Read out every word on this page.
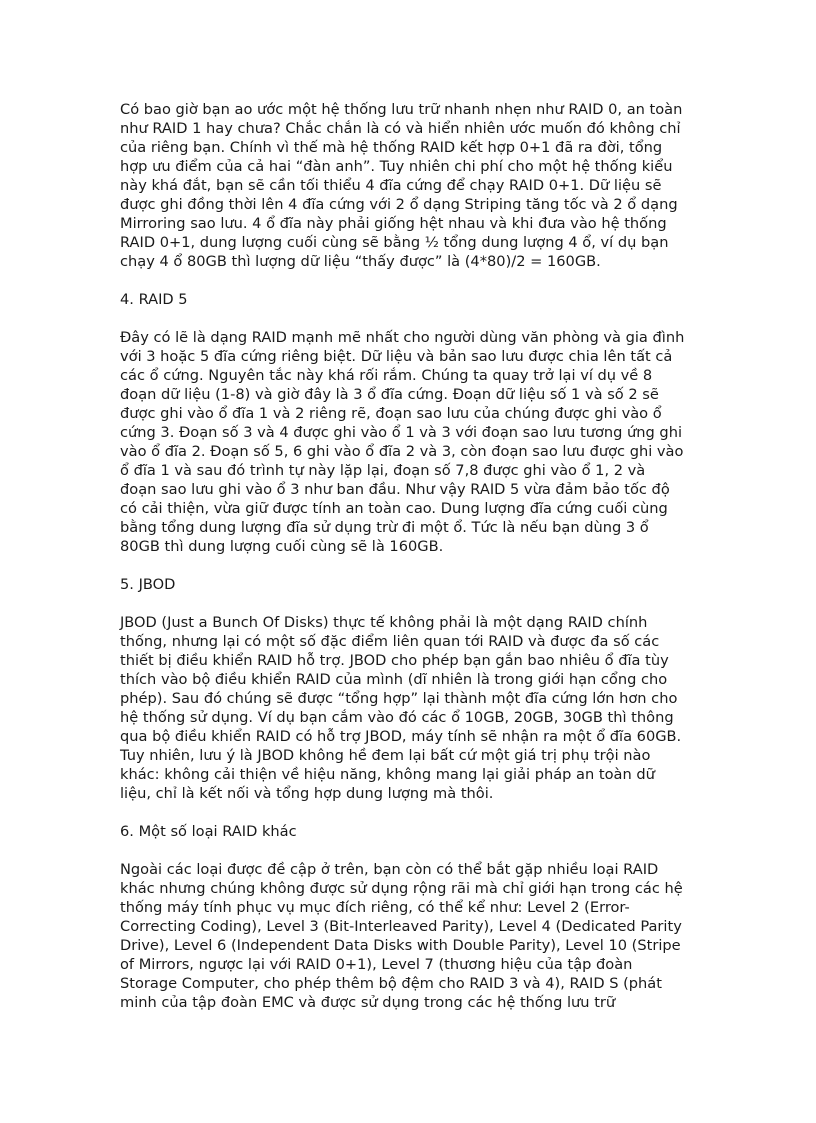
Có bao giờ bạn ao ước một hệ thống lưu trữ nhanh nhẹn như RAID 0, an toàn
như RAID 1 hay chưa? Chắc chắn là có và hiển nhiên ước muốn đó không chỉ
của riêng bạn. Chính vì thế mà hệ thống RAID kết hợp 0+1 đã ra đời, tổng
hợp ưu điểm của cả hai “đàn anh”. Tuy nhiên chi phí cho một hệ thống kiểu
này khá đắt, bạn sẽ cần tối thiểu 4 đĩa cứng để chạy RAID 0+1. Dữ liệu sẽ
được ghi đồng thời lên 4 đĩa cứng với 2 ổ dạng Striping tăng tốc và 2 ổ dạng
Mirroring sao lưu. 4 ổ đĩa này phải giống hệt nhau và khi đưa vào hệ thống
RAID 0+1, dung lượng cuối cùng sẽ bằng ½ tổng dung lượng 4 ổ, ví dụ bạn
chạy 4 ổ 80GB thì lượng dữ liệu “thấy được” là (4*80)/2 = 160GB.

4. RAID 5

Đây có lẽ là dạng RAID mạnh mẽ nhất cho người dùng văn phòng và gia đình
với 3 hoặc 5 đĩa cứng riêng biệt. Dữ liệu và bản sao lưu được chia lên tất cả
các ổ cứng. Nguyên tắc này khá rối rắm. Chúng ta quay trở lại ví dụ về 8
đoạn dữ liệu (1-8) và giờ đây là 3 ổ đĩa cứng. Đoạn dữ liệu số 1 và số 2 sẽ
được ghi vào ổ đĩa 1 và 2 riêng rẽ, đoạn sao lưu của chúng được ghi vào ổ
cứng 3. Đoạn số 3 và 4 được ghi vào ổ 1 và 3 với đoạn sao lưu tương ứng ghi
vào ổ đĩa 2. Đoạn số 5, 6 ghi vào ổ đĩa 2 và 3, còn đoạn sao lưu được ghi vào
ổ đĩa 1 và sau đó trình tự này lặp lại, đoạn số 7,8 được ghi vào ổ 1, 2 và
đoạn sao lưu ghi vào ổ 3 như ban đầu. Như vậy RAID 5 vừa đảm bảo tốc độ
có cải thiện, vừa giữ được tính an toàn cao. Dung lượng đĩa cứng cuối cùng
bằng tổng dung lượng đĩa sử dụng trừ đi một ổ. Tức là nếu bạn dùng 3 ổ
80GB thì dung lượng cuối cùng sẽ là 160GB.

5. JBOD

JBOD (Just a Bunch Of Disks) thực tế không phải là một dạng RAID chính
thống, nhưng lại có một số đặc điểm liên quan tới RAID và được đa số các
thiết bị điều khiển RAID hỗ trợ. JBOD cho phép bạn gắn bao nhiêu ổ đĩa tùy
thích vào bộ điều khiển RAID của mình (dĩ nhiên là trong giới hạn cổng cho
phép). Sau đó chúng sẽ được “tổng hợp” lại thành một đĩa cứng lớn hơn cho
hệ thống sử dụng. Ví dụ bạn cắm vào đó các ổ 10GB, 20GB, 30GB thì thông
qua bộ điều khiển RAID có hỗ trợ JBOD, máy tính sẽ nhận ra một ổ đĩa 60GB.
Tuy nhiên, lưu ý là JBOD không hề đem lại bất cứ một giá trị phụ trội nào
khác: không cải thiện về hiệu năng, không mang lại giải pháp an toàn dữ
liệu, chỉ là kết nối và tổng hợp dung lượng mà thôi.

6. Một số loại RAID khác

Ngoài các loại được đề cập ở trên, bạn còn có thể bắt gặp nhiều loại RAID
khác nhưng chúng không được sử dụng rộng rãi mà chỉ giới hạn trong các hệ
thống máy tính phục vụ mục đích riêng, có thể kể như: Level 2 (Error-
Correcting Coding), Level 3 (Bit-Interleaved Parity), Level 4 (Dedicated Parity
Drive), Level 6 (Independent Data Disks with Double Parity), Level 10 (Stripe
of Mirrors, ngược lại với RAID 0+1), Level 7 (thương hiệu của tập đoàn
Storage Computer, cho phép thêm bộ đệm cho RAID 3 và 4), RAID S (phát
minh của tập đoàn EMC và được sử dụng trong các hệ thống lưu trữ
